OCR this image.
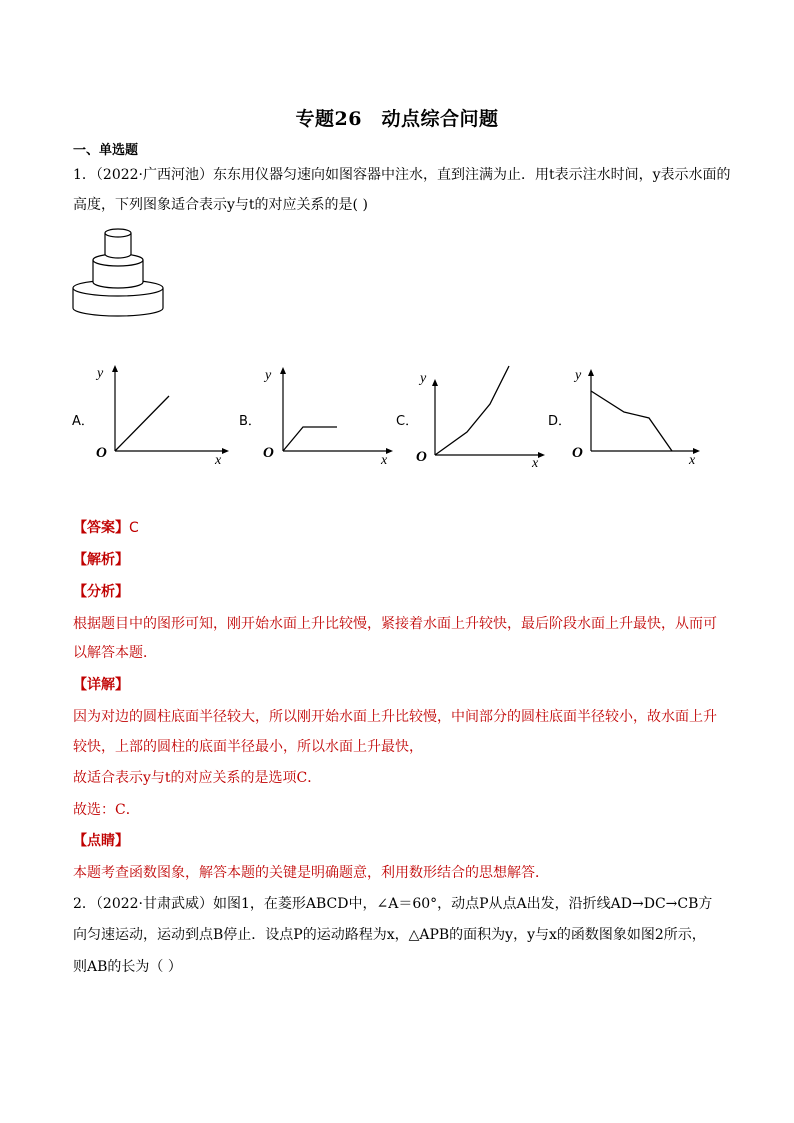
专题26　动点综合问题
一、单选题
1．（2022·广西河池）东东用仪器匀速向如图容器中注水，直到注满为止．用t表示注水时间，y表示水面的
高度，下列图象适合表示y与t的对应关系的是( )
A．
y
x
O
B．
y
x
O
C．
y
x
O
D．
y
x
O
【答案】C
【解析】
【分析】
根据题目中的图形可知，刚开始水面上升比较慢，紧接着水面上升较快，最后阶段水面上升最快，从而可
以解答本题．
【详解】
因为对边的圆柱底面半径较大，所以刚开始水面上升比较慢，中间部分的圆柱底面半径较小，故水面上升
较快，上部的圆柱的底面半径最小，所以水面上升最快，
故适合表示y与t的对应关系的是选项C．
故选：C．
【点睛】
本题考查函数图象，解答本题的关键是明确题意，利用数形结合的思想解答．
2．（2022·甘肃武威）如图1，在菱形ABCD中，∠A＝60°，动点P从点A出发，沿折线AD→DC→CB方
向匀速运动，运动到点B停止．设点P的运动路程为x，△APB的面积为y，y与x的函数图象如图2所示，
则AB的长为（ ）
